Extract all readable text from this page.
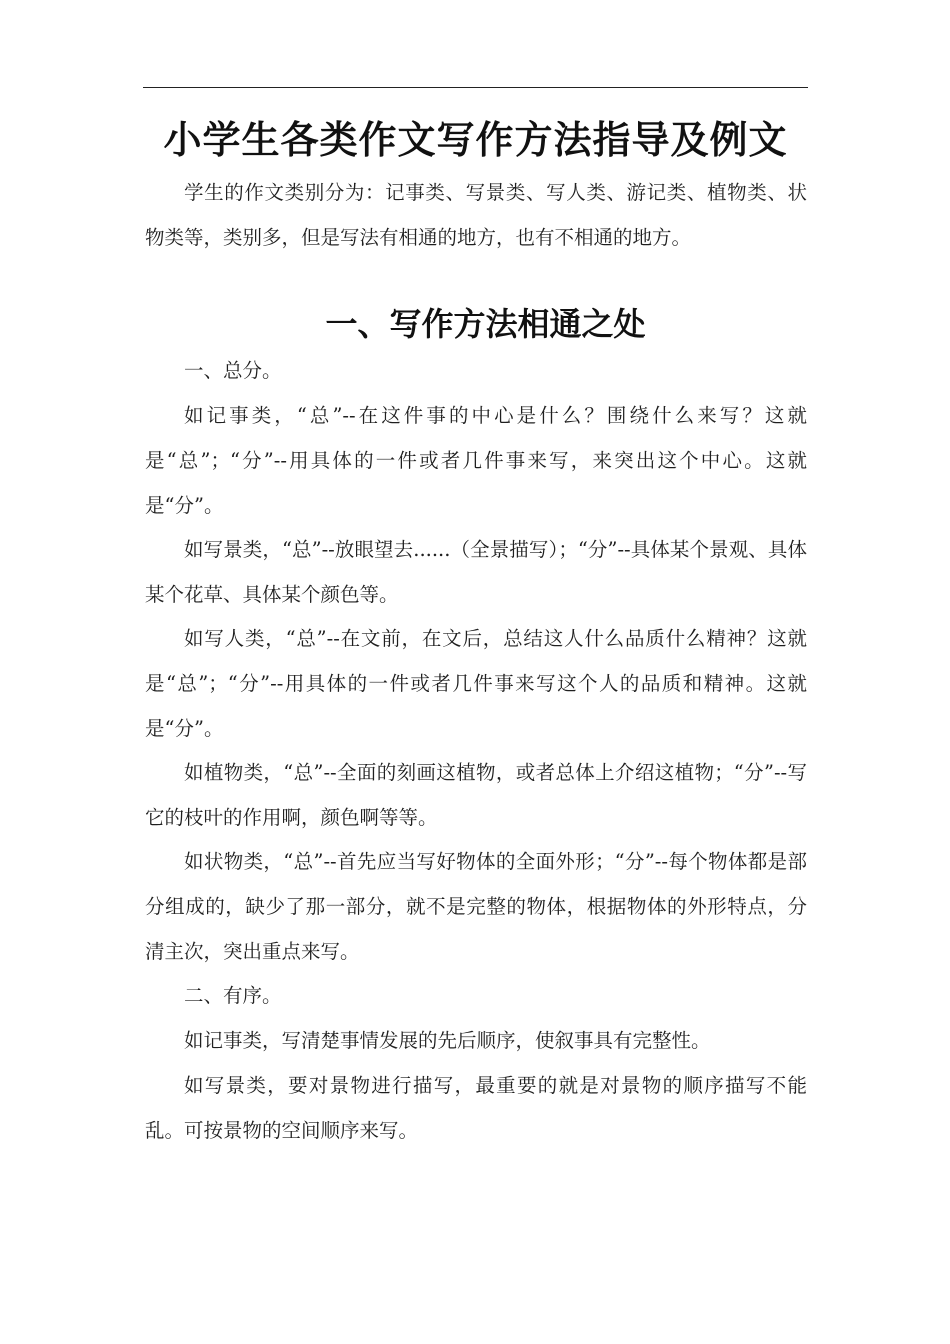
小学生各类作文写作方法指导及例文

学生的作文类别分为：记事类、写景类、写人类、游记类、植物类、状物类等，类别多，但是写法有相通的地方，也有不相通的地方。

一、写作方法相通之处

一、总分。

如记事类，“总”--在这件事的中心是什么？围绕什么来写？这就是“总”；“分”--用具体的一件或者几件事来写，来突出这个中心。这就是“分”。

如写景类，“总”--放眼望去......（全景描写）；“分”--具体某个景观、具体某个花草、具体某个颜色等。

如写人类，“总”--在文前，在文后，总结这人什么品质什么精神？这就是“总”；“分”--用具体的一件或者几件事来写这个人的品质和精神。这就是“分”。

如植物类，“总”--全面的刻画这植物，或者总体上介绍这植物；“分”--写它的枝叶的作用啊，颜色啊等等。

如状物类，“总”--首先应当写好物体的全面外形；“分”--每个物体都是部分组成的，缺少了那一部分，就不是完整的物体，根据物体的外形特点，分清主次，突出重点来写。

二、有序。

如记事类，写清楚事情发展的先后顺序，使叙事具有完整性。

如写景类，要对景物进行描写，最重要的就是对景物的顺序描写不能乱。可按景物的空间顺序来写。
